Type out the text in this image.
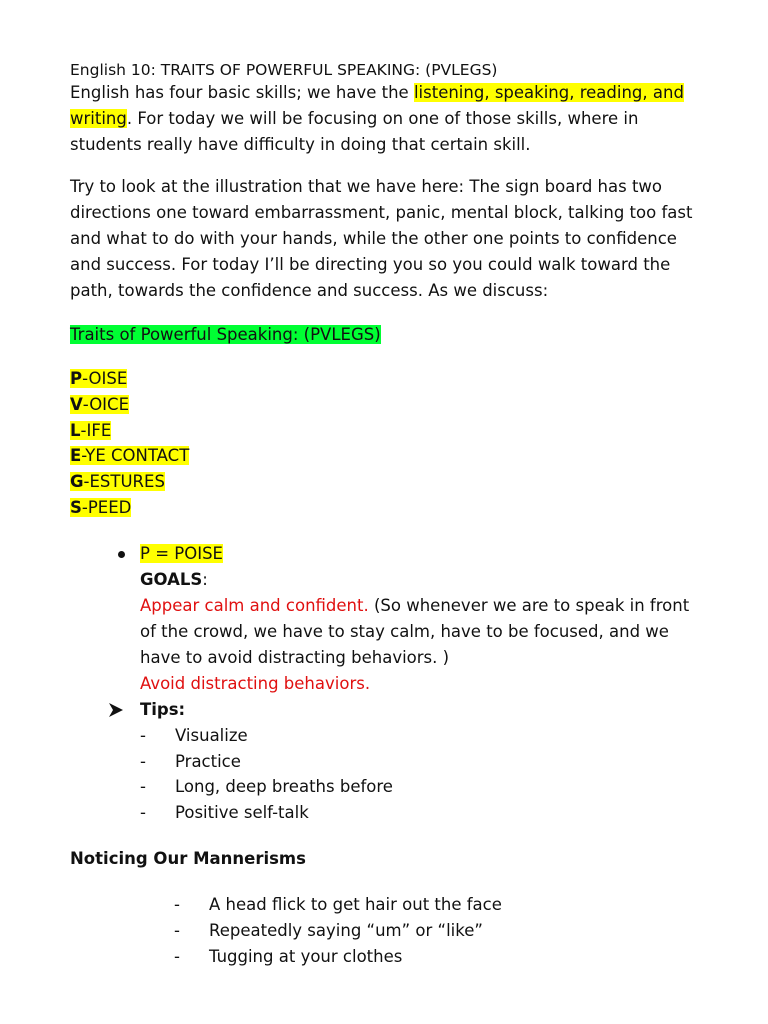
English 10: TRAITS OF POWERFUL SPEAKING: (PVLEGS)

English has four basic skills; we have the listening, speaking, reading, and writing. For today we will be focusing on one of those skills, where in students really have difficulty in doing that certain skill.

Try to look at the illustration that we have here: The sign board has two directions one toward embarrassment, panic, mental block, talking too fast and what to do with your hands, while the other one points to confidence and success. For today I’ll be directing you so you could walk toward the path, towards the confidence and success. As we discuss:

Traits of Powerful Speaking: (PVLEGS)

P-OISE
V-OICE
L-IFE
E-YE CONTACT
G-ESTURES
S-PEED
P = POISE
GOALS:
Appear calm and confident. (So whenever we are to speak in front of the crowd, we have to stay calm, have to be focused, and we have to avoid distracting behaviors. )
Avoid distracting behaviors.
Tips:
- Visualize
- Practice
- Long, deep breaths before
- Positive self-talk
Noticing Our Mannerisms
- A head flick to get hair out the face
- Repeatedly saying “um” or “like”
- Tugging at your clothes
